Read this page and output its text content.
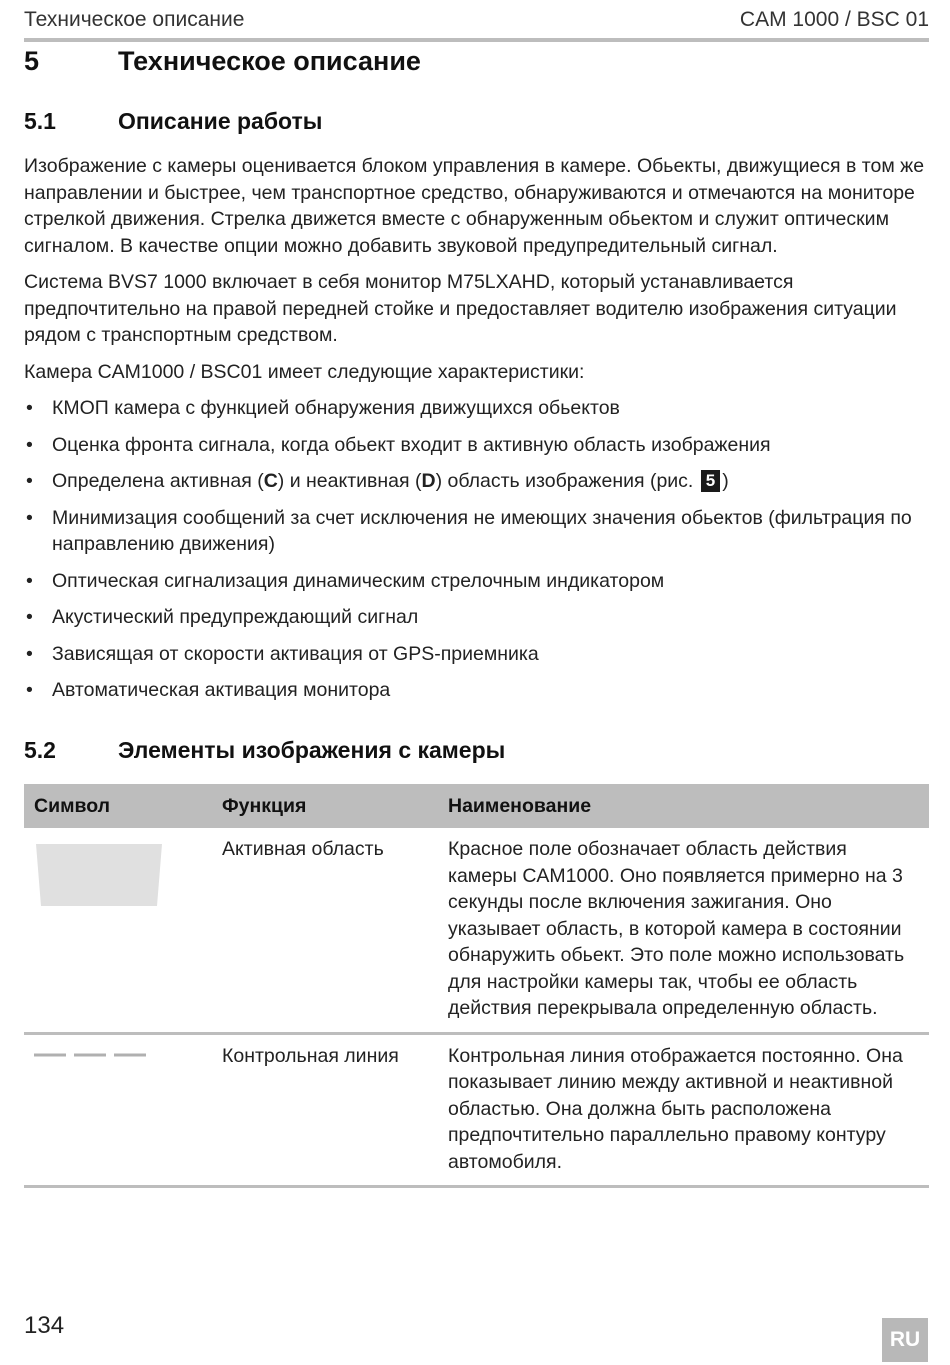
Техническое описание	CAM 1000 / BSC 01
5	Техническое описание
5.1	Описание работы

Изображение с камеры оценивается блоком управления в камере. Обьекты, движущиеся в том же направлении и быстрее, чем транспортное средство, обнаруживаются и отмечаются на мониторе стрелкой движения. Стрелка движется вместе с обнаруженным обьектом и служит оптическим сигналом. В качестве опции можно добавить звуковой предупредительный сигнал.

Система BVS7 1000 включает в себя монитор M75LXAHD, который устанавливается предпочтительно на правой передней стойке и предоставляет водителю изображения ситуации рядом с транспортным средством.

Камера CAM1000 / BSC01 имеет следующие характеристики:

• КМОП камера с функцией обнаружения движущихся обьектов
• Оценка фронта сигнала, когда обьект входит в активную область изображения
• Определена активная (C) и неактивная (D) область изображения (рис. 5 )
• Минимизация сообщений за счет исключения не имеющих значения обьектов (фильтрация по направлению движения)
• Оптическая сигнализация динамическим стрелочным индикатором
• Акустический предупреждающий сигнал
• Зависящая от скорости активация от GPS-приемника
• Автоматическая активация монитора
5.2	Элементы изображения с камеры
Символ	Функция	Наименование

	Активная область	Красное поле обозначает область действия камеры CAM1000. Оно появляется примерно на 3 секунды после включения зажигания. Оно указывает область, в которой камера в состоянии обнаружить обьект. Это поле можно использовать для настройки камеры так, чтобы ее область действия перекрывала определенную область.
	Контрольная линия	Контрольная линия отображается постоянно. Она показывает линию между активной и неактивной областью. Она должна быть расположена предпочтительно параллельно правому контуру автомобиля.
134
RU
